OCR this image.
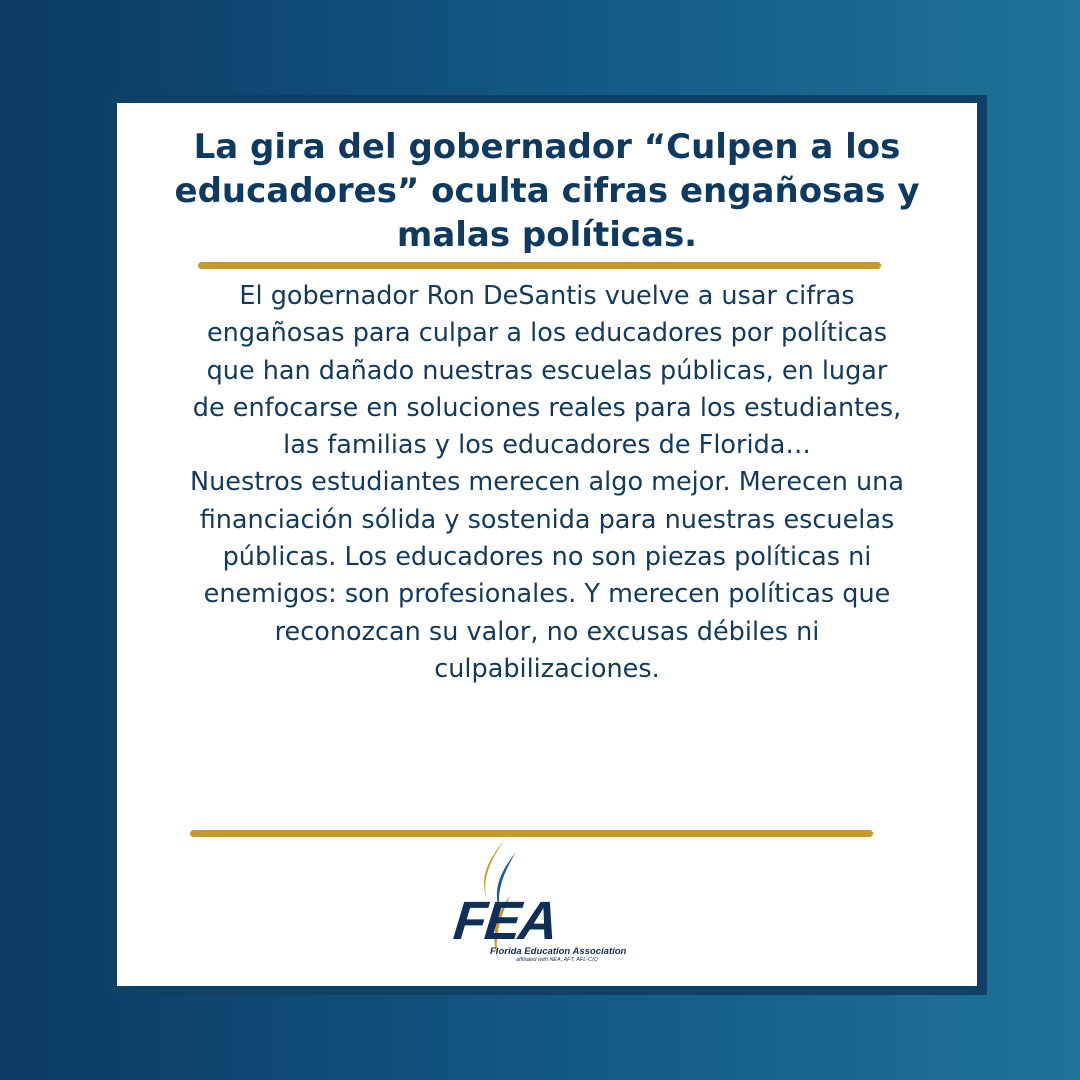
La gira del gobernador “Culpen a los educadores” oculta cifras engañosas y malas políticas.

El gobernador Ron DeSantis vuelve a usar cifras engañosas para culpar a los educadores por políticas que han dañado nuestras escuelas públicas, en lugar de enfocarse en soluciones reales para los estudiantes, las familias y los educadores de Florida…

Nuestros estudiantes merecen algo mejor. Merecen una financiación sólida y sostenida para nuestras escuelas públicas. Los educadores no son piezas políticas ni enemigos: son profesionales. Y merecen políticas que reconozcan su valor, no excusas débiles ni culpabilizaciones.

FEA
Florida Education Association
affiliated with NEA, AFT, AFL-CIO
